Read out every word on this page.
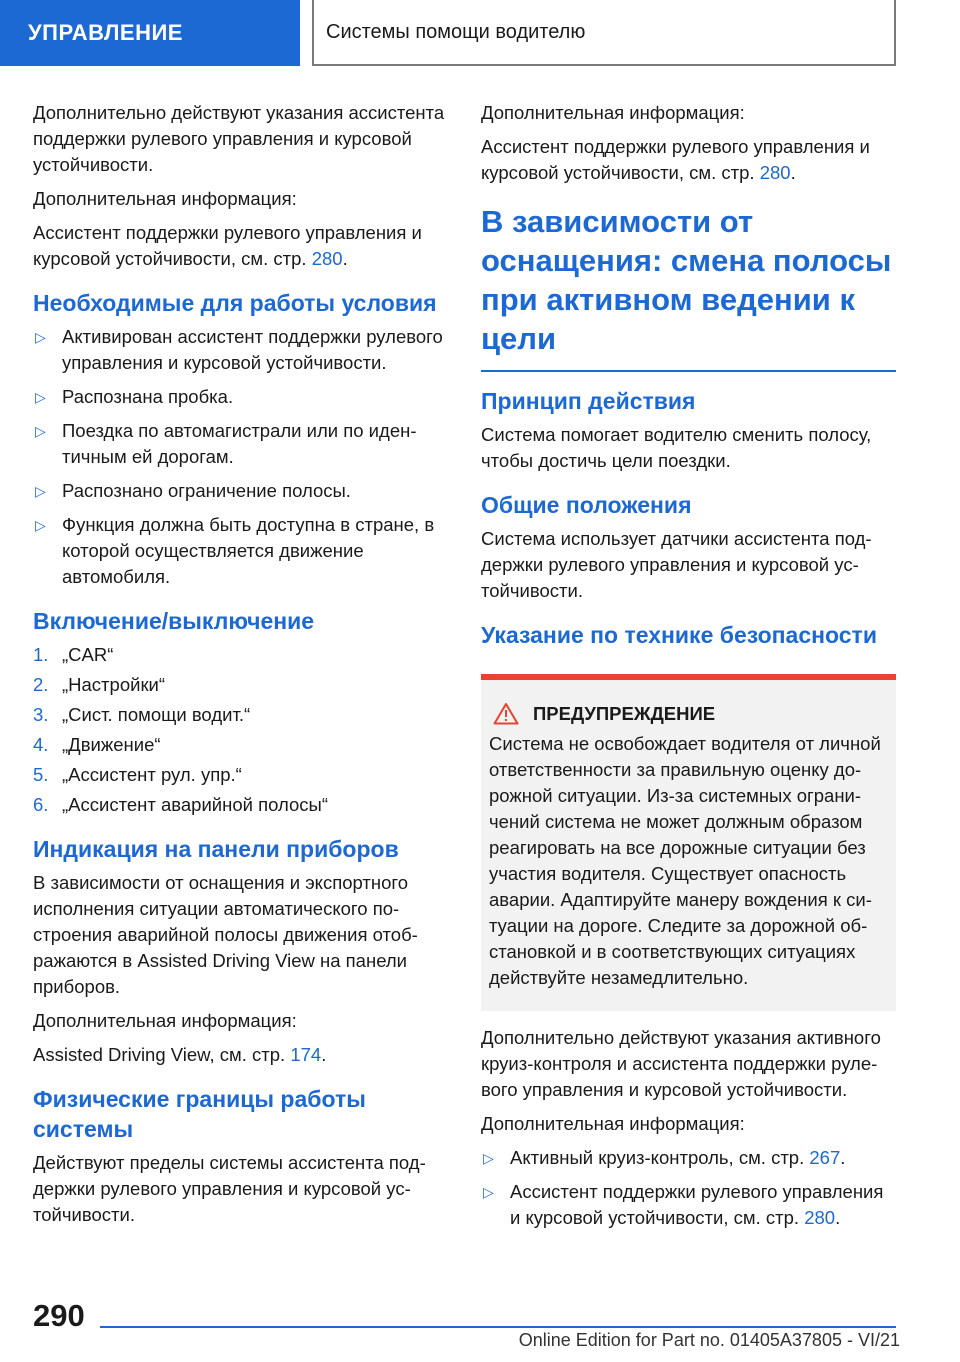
УПРАВЛЕНИЕ	Системы помощи водителю

Дополнительно действуют указания ассистента поддержки рулевого управления и курсовой устойчивости.

Дополнительная информация:

Ассистент поддержки рулевого управления и курсовой устойчивости, см. стр. 280.

Необходимые для работы условия
▷ Активирован ассистент поддержки рулевого управления и курсовой устойчивости.
▷ Распознана пробка.
▷ Поездка по автомагистрали или по идентичным ей дорогам.
▷ Распознано ограничение полосы.
▷ Функция должна быть доступна в стране, в которой осуществляется движение автомобиля.
Включение/выключение
1. „CAR“
2. „Настройки“
3. „Сист. помощи водит.“
4. „Движение“
5. „Ассистент рул. упр.“
6. „Ассистент аварийной полосы“
Индикация на панели приборов

В зависимости от оснащения и экспортного исполнения ситуации автоматического построения аварийной полосы движения отображаются в Assisted Driving View на панели приборов.

Дополнительная информация:

Assisted Driving View, см. стр. 174.

Физические границы работы системы

Действуют пределы системы ассистента поддержки рулевого управления и курсовой устойчивости.

Дополнительная информация:

Ассистент поддержки рулевого управления и курсовой устойчивости, см. стр. 280.

В зависимости от оснащения: смена полосы при активном ведении к цели
Принцип действия

Система помогает водителю сменить полосу, чтобы достичь цели поездки.

Общие положения

Система использует датчики ассистента поддержки рулевого управления и курсовой устойчивости.

Указание по технике безопасности
ПРЕДУПРЕЖДЕНИЕ

Система не освобождает водителя от личной ответственности за правильную оценку дорожной ситуации. Из-за системных ограничений система не может должным образом реагировать на все дорожные ситуации без участия водителя. Существует опасность аварии. Адаптируйте манеру вождения к ситуации на дороге. Следите за дорожной обстановкой и в соответствующих ситуациях действуйте незамедлительно.

Дополнительно действуют указания активного круиз-контроля и ассистента поддержки рулевого управления и курсовой устойчивости.

Дополнительная информация:

▷ Активный круиз-контроль, см. стр. 267.
▷ Ассистент поддержки рулевого управления и курсовой устойчивости, см. стр. 280.
290
Online Edition for Part no. 01405A37805 - VI/21
